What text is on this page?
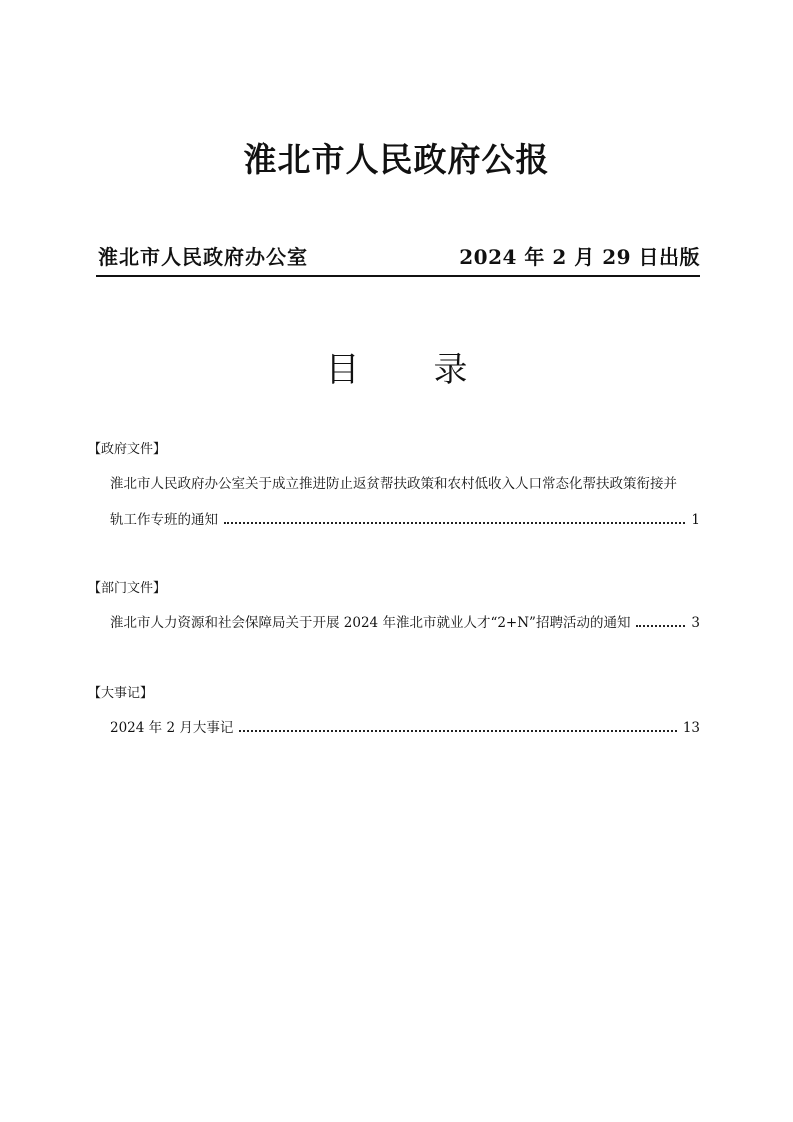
淮北市人民政府公报
淮北市人民政府办公室	2024 年 2 月 29 日出版
目 录
【政府文件】
淮北市人民政府办公室关于成立推进防止返贫帮扶政策和农村低收入人口常态化帮扶政策衔接并
轨工作专班的通知	1
【部门文件】
淮北市人力资源和社会保障局关于开展 2024 年淮北市就业人才“2+N”招聘活动的通知	3
【大事记】
2024 年 2 月大事记	13
